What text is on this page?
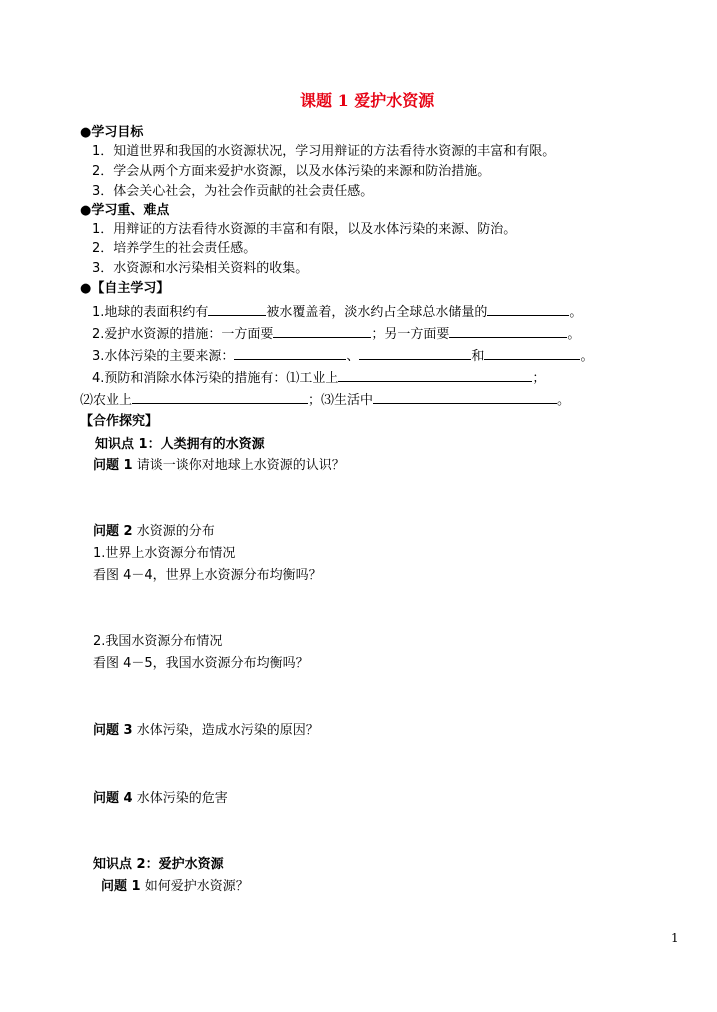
课题 1 爱护水资源
●学习目标
1．知道世界和我国的水资源状况，学习用辩证的方法看待水资源的丰富和有限。
2．学会从两个方面来爱护水资源，以及水体污染的来源和防治措施。
3．体会关心社会，为社会作贡献的社会责任感。
●学习重、难点
1．用辩证的方法看待水资源的丰富和有限，以及水体污染的来源、防治。
2．培养学生的社会责任感。
3．水资源和水污染相关资料的收集。
●【自主学习】
1.地球的表面积约有	被水覆盖着，淡水约占全球总水储量的	。
2.爱护水资源的措施：一方面要	；另一方面要	。
3.水体污染的主要来源：	、	和	。
4.预防和消除水体污染的措施有：⑴工业上	；
⑵农业上	；⑶生活中	。
【合作探究】
知识点 1：人类拥有的水资源
问题 1 请谈一谈你对地球上水资源的认识？
问题 2 水资源的分布
1.世界上水资源分布情况
看图 4－4，世界上水资源分布均衡吗？
2.我国水资源分布情况
看图 4－5，我国水资源分布均衡吗？
问题 3 水体污染，造成水污染的原因？
问题 4 水体污染的危害
知识点 2：爱护水资源
问题 1 如何爱护水资源？
1
